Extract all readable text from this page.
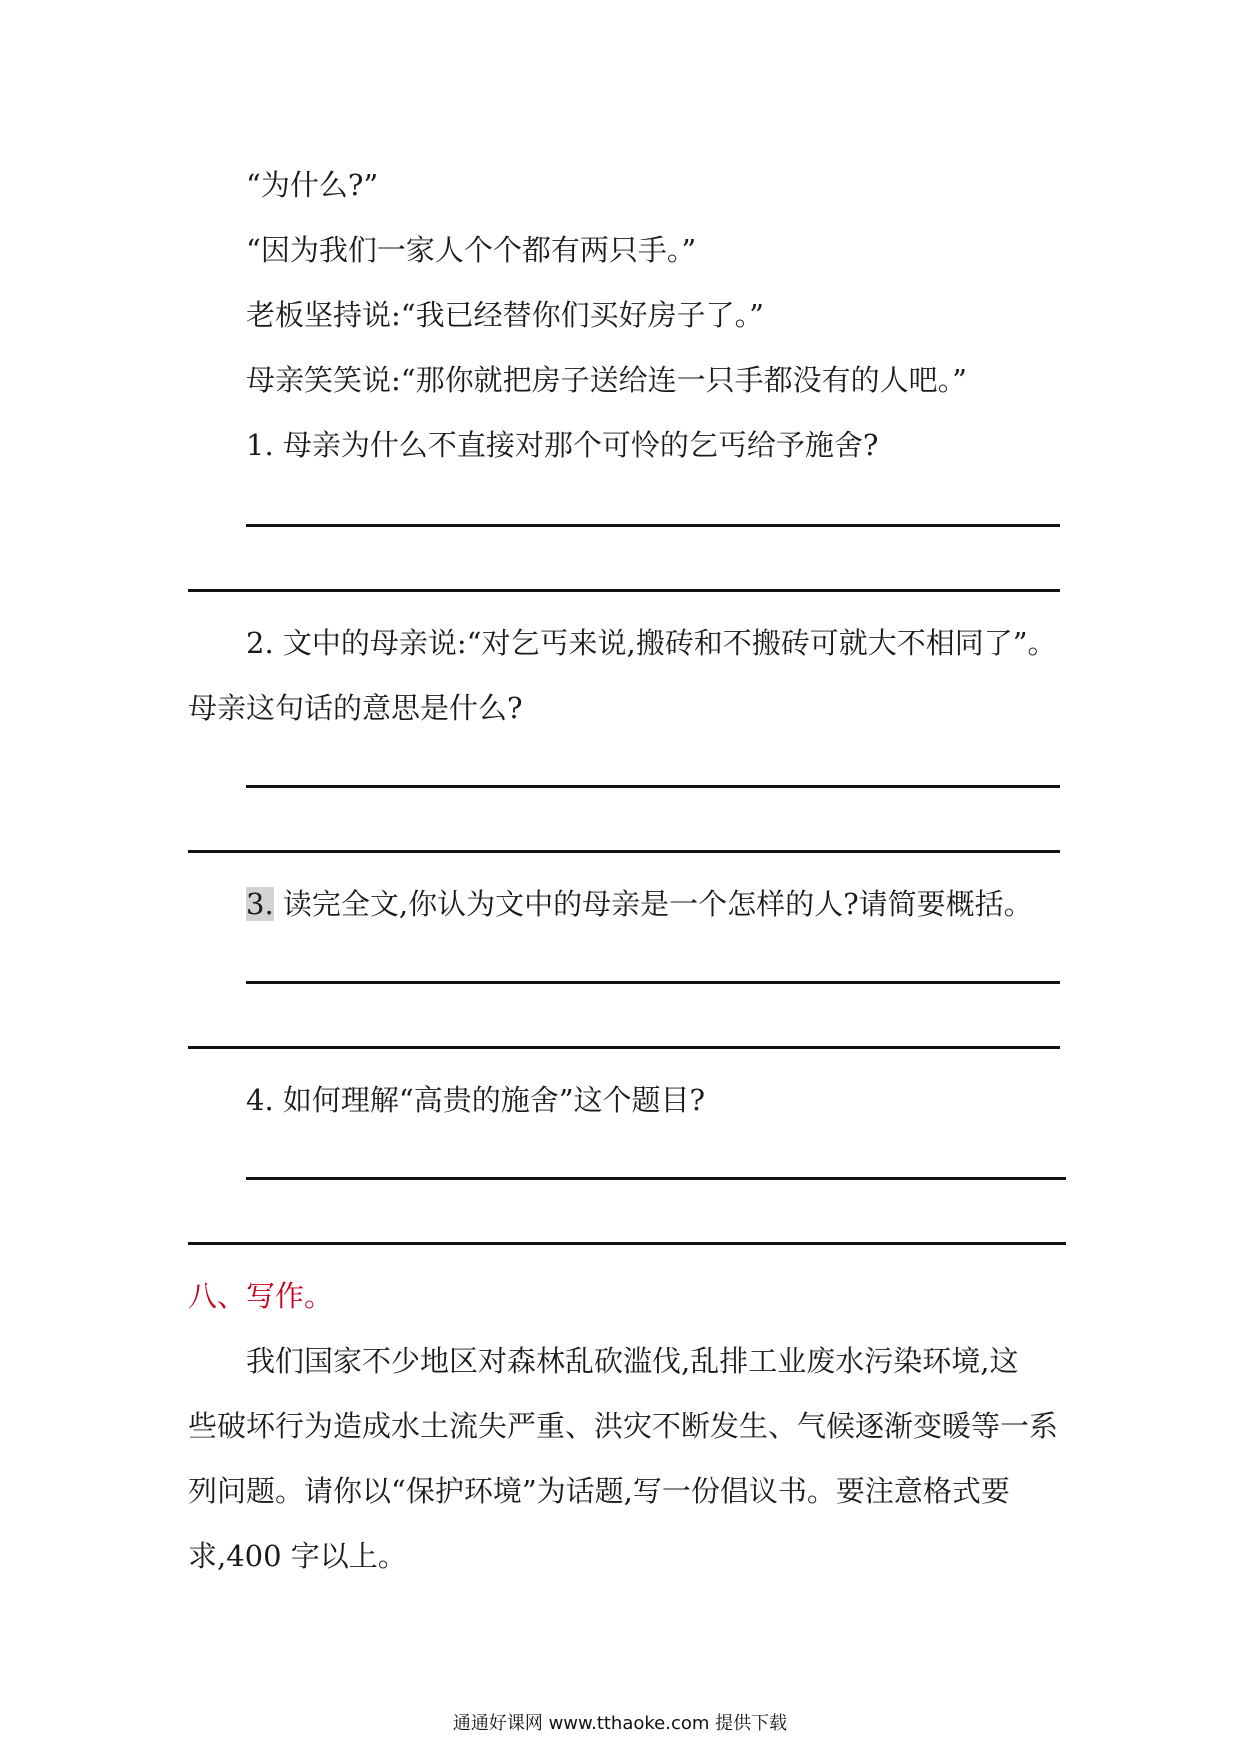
“为什么?”
“因为我们一家人个个都有两只手。”
老板坚持说:“我已经替你们买好房子了。”
母亲笑笑说:“那你就把房子送给连一只手都没有的人吧。”
1. 母亲为什么不直接对那个可怜的乞丐给予施舍?
2. 文中的母亲说:“对乞丐来说,搬砖和不搬砖可就大不相同了”。
母亲这句话的意思是什么?
3. 读完全文,你认为文中的母亲是一个怎样的人?请简要概括。
4. 如何理解“高贵的施舍”这个题目?
八、写作。
我们国家不少地区对森林乱砍滥伐,乱排工业废水污染环境,这
些破坏行为造成水土流失严重、洪灾不断发生、气候逐渐变暖等一系
列问题。请你以“保护环境”为话题,写一份倡议书。要注意格式要
求,400 字以上。
通通好课网 www.tthaoke.com 提供下载
